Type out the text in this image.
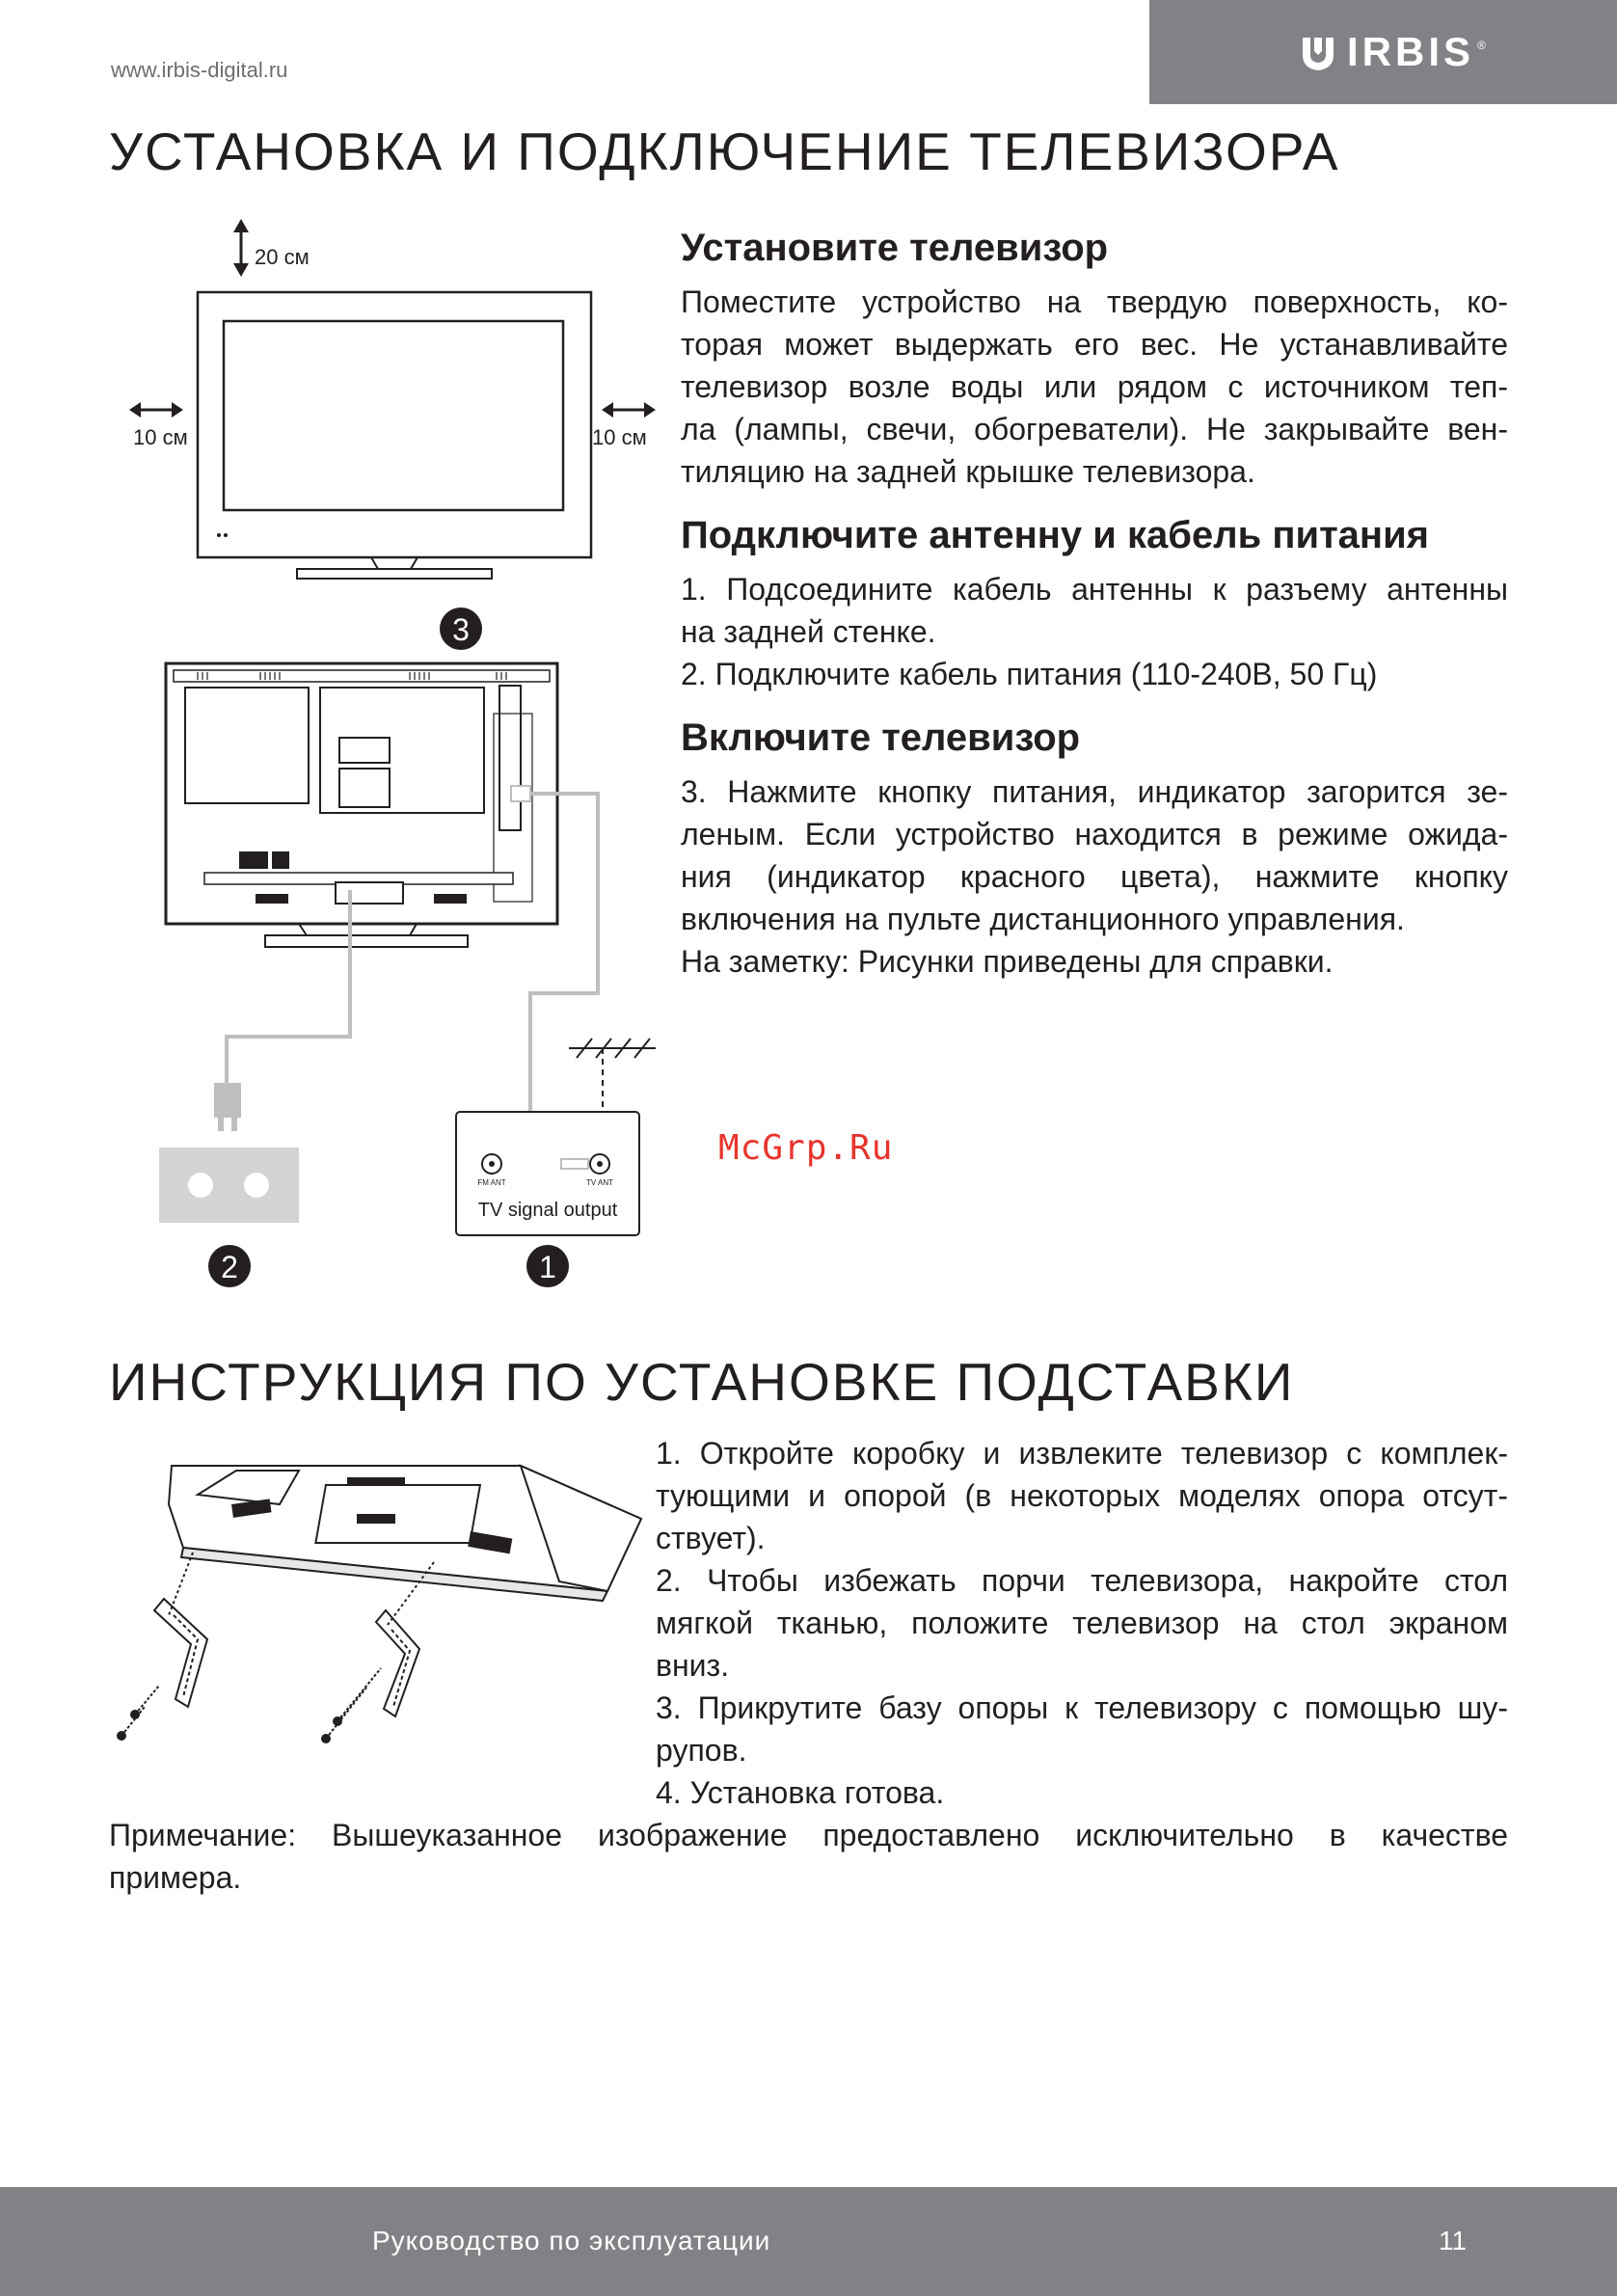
www.irbis-digital.ru	IRBIS ®
УСТАНОВКА И ПОДКЛЮЧЕНИЕ ТЕЛЕВИЗОРА
20 см
10 см	10 см
3
FM ANT	TV ANT
TV signal output
2	1
Установите телевизор

Поместите устройство на твердую поверхность, ко-
торая может выдержать его вес. Не устанавливайте
телевизор возле воды или рядом с источником теп-
ла (лампы, свечи, обогреватели). Не закрывайте вен-
тиляцию на задней крышке телевизора.

Подключите антенну и кабель питания

1. Подсоедините кабель антенны к разъему антенны
на задней стенке.
2. Подключите кабель питания (110-240В, 50 Гц)

Включите телевизор

3. Нажмите кнопку питания, индикатор загорится зе-
леным. Если устройство находится в режиме ожида-
ния (индикатор красного цвета), нажмите кнопку
включения на пульте дистанционного управления.
На заметку: Рисунки приведены для справки.

McGrp.Ru
ИНСТРУКЦИЯ ПО УСТАНОВКЕ ПОДСТАВКИ

1. Откройте коробку и извлеките телевизор с комплек-
тующими и опорой (в некоторых моделях опора отсут-
ствует).
2. Чтобы избежать порчи телевизора, накройте стол
мягкой тканью, положите телевизор на стол экраном
вниз.
3. Прикрутите базу опоры к телевизору с помощью шу-
рупов.
4. Установка готова.

Примечание: Вышеуказанное изображение предоставлено исключительно в качестве
примера.

Руководство по эксплуатации	11
